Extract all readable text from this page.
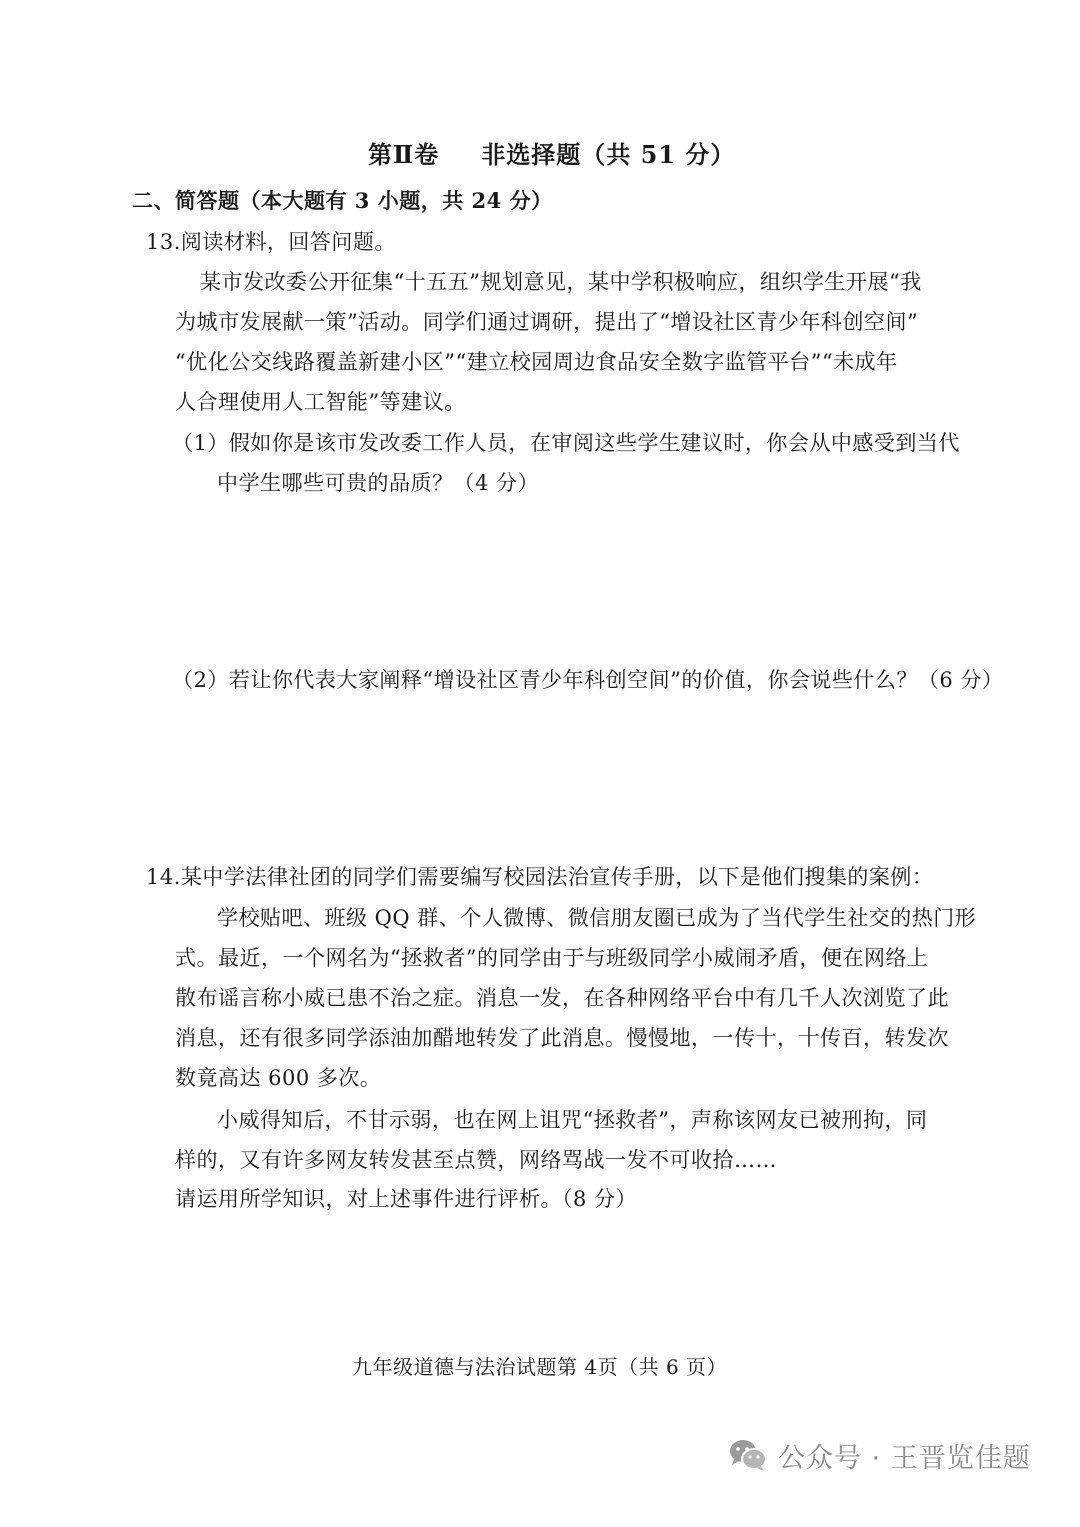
第Ⅱ卷 非选择题（共 51 分）
二、简答题（本大题有 3 小题，共 24 分）
13.阅读材料，回答问题。
某市发改委公开征集“十五五”规划意见，某中学积极响应，组织学生开展“我
为城市发展献一策”活动。同学们通过调研，提出了“增设社区青少年科创空间”
“优化公交线路覆盖新建小区”“建立校园周边食品安全数字监管平台”“未成年
人合理使用人工智能”等建议。
（1）假如你是该市发改委工作人员，在审阅这些学生建议时，你会从中感受到当代
中学生哪些可贵的品质？（4 分）
（2）若让你代表大家阐释“增设社区青少年科创空间”的价值，你会说些什么？（6 分）
14.某中学法律社团的同学们需要编写校园法治宣传手册，以下是他们搜集的案例：
学校贴吧、班级 QQ 群、个人微博、微信朋友圈已成为了当代学生社交的热门形
式。最近，一个网名为“拯救者”的同学由于与班级同学小威闹矛盾，便在网络上
散布谣言称小威已患不治之症。消息一发，在各种网络平台中有几千人次浏览了此
消息，还有很多同学添油加醋地转发了此消息。慢慢地，一传十，十传百，转发次
数竟高达 600 多次。
小威得知后，不甘示弱，也在网上诅咒“拯救者”，声称该网友已被刑拘，同
样的，又有许多网友转发甚至点赞，网络骂战一发不可收拾……
请运用所学知识，对上述事件进行评析。（8 分）
九年级道德与法治试题第 4页（共 6 页）
公众号 · 王晋览佳题
